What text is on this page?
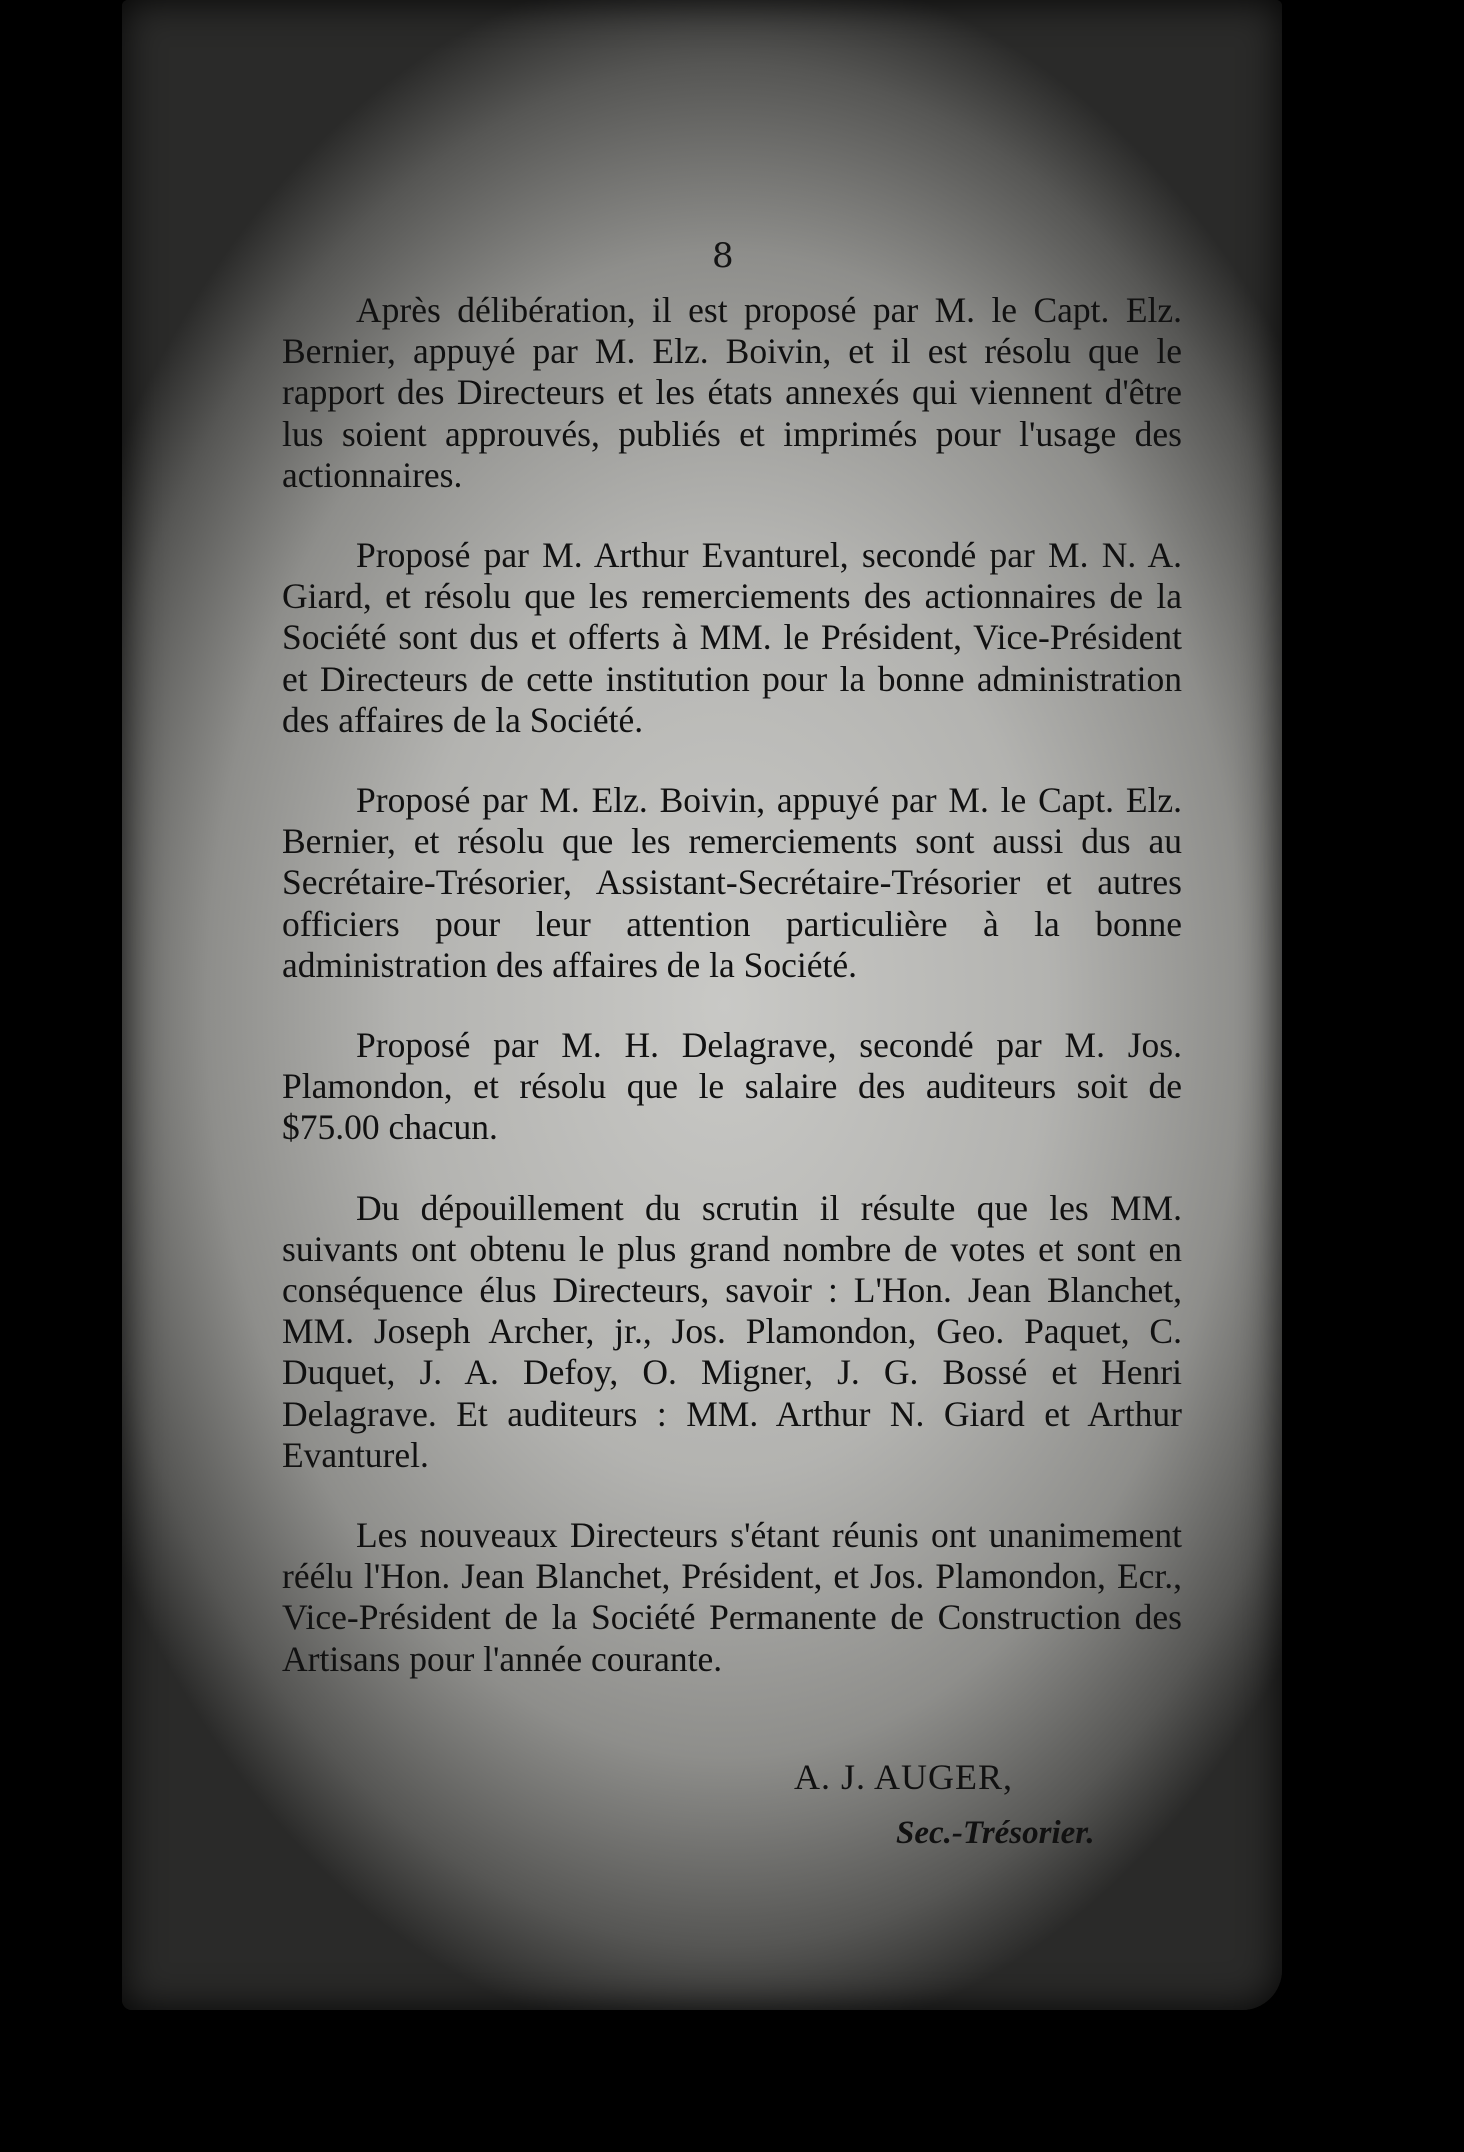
8

Après délibération, il est proposé par M. le Capt. Elz. Bernier, appuyé par M. Elz. Boivin, et il est résolu que le rapport des Directeurs et les états annexés qui viennent d'être lus soient approuvés, publiés et imprimés pour l'usage des actionnaires.

Proposé par M. Arthur Evanturel, secondé par M. N. A. Giard, et résolu que les remerciements des actionnaires de la Société sont dus et offerts à MM. le Président, Vice-Président et Directeurs de cette institution pour la bonne administration des affaires de la Société.

Proposé par M. Elz. Boivin, appuyé par M. le Capt. Elz. Bernier, et résolu que les remerciements sont aussi dus au Secrétaire-Trésorier, Assistant-Secrétaire-Trésorier et autres officiers pour leur attention particulière à la bonne administration des affaires de la Société.

Proposé par M. H. Delagrave, secondé par M. Jos. Plamondon, et résolu que le salaire des auditeurs soit de $75.00 chacun.

Du dépouillement du scrutin il résulte que les MM. suivants ont obtenu le plus grand nombre de votes et sont en conséquence élus Directeurs, savoir : L'Hon. Jean Blanchet, MM. Joseph Archer, jr., Jos. Plamondon, Geo. Paquet, C. Duquet, J. A. Defoy, O. Migner, J. G. Bossé et Henri Delagrave. Et auditeurs : MM. Arthur N. Giard et Arthur Evanturel.

Les nouveaux Directeurs s'étant réunis ont unanimement réélu l'Hon. Jean Blanchet, Président, et Jos. Plamondon, Ecr., Vice-Président de la Société Permanente de Construction des Artisans pour l'année courante.

A. J. AUGER,
Sec.-Trésorier.
